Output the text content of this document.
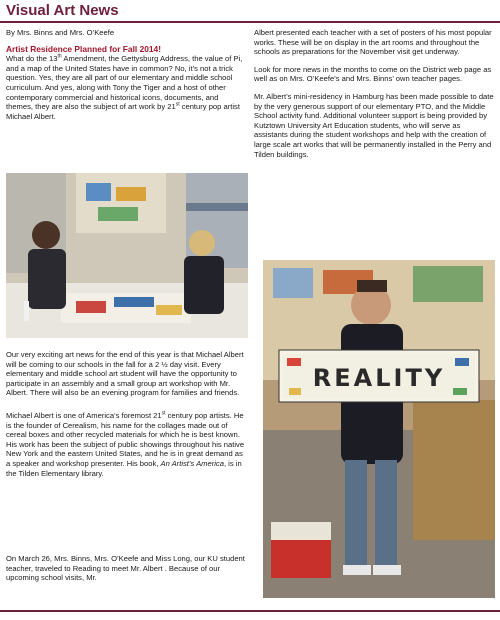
Visual Art News

By Mrs. Binns and Mrs. O’Keefe

Artist Residence Planned for Fall 2014!

What do the 13th Amendment, the Gettysburg Address, the value of Pi, and a map of the United States have in common? No, it’s not a trick question. Yes, they are all part of our elementary and middle school curriculum. And yes, along with Tony the Tiger and a host of other contemporary commercial and historical icons, documents, and themes, they are also the subject of art work by 21st century pop artist Michael Albert.

Our very exciting art news for the end of this year is that Michael Albert will be coming to our schools in the fall for a 2 ½ day visit. Every elementary and middle school art student will have the opportunity to participate in an assembly and a small group art workshop with Mr. Albert. There will also be an evening program for families and friends.

Michael Albert is one of America’s foremost 21st century pop artists. He is the founder of Cerealism, his name for the collages made out of cereal boxes and other recycled materials for which he is best known. His work has been the subject of public showings throughout his native New York and the eastern United States, and he is in great demand as a speaker and workshop presenter. His book, An Artist’s America, is in the Tilden Elementary library.

On March 26, Mrs. Binns, Mrs. O’Keefe and Miss Long, our KU student teacher, traveled to Reading to meet Mr. Albert . Because of our upcoming school visits, Mr.

Albert presented each teacher with a set of posters of his most popular works. These will be on display in the art rooms and throughout the schools as preparations for the November visit get underway.

Look for more news in the months to come on the District web page as well as on Mrs. O’Keefe’s and Mrs. Binns’ own teacher pages.

Mr. Albert’s mini-residency in Hamburg has been made possible to date by the very generous support of our elementary PTO, and the Middle School activity fund. Additional volunteer support is being provided by Kutztown University Art Education students, who will serve as assistants during the student workshops and help with the creation of large scale art works that will be permanently installed in the Perry and Tilden buildings.

REALITY
